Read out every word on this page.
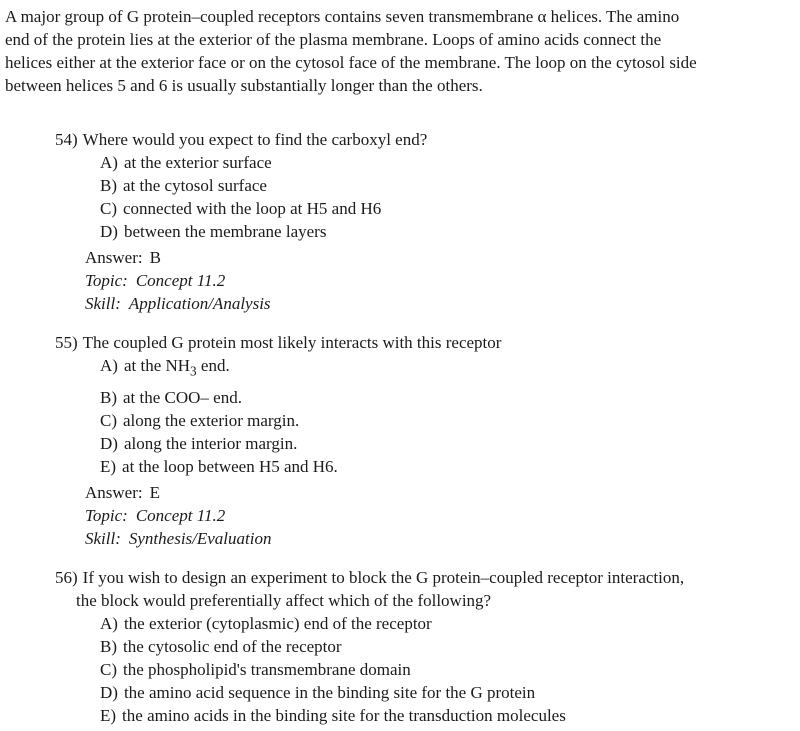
A major group of G protein–coupled receptors contains seven transmembrane α helices. The amino
end of the protein lies at the exterior of the plasma membrane. Loops of amino acids connect the
helices either at the exterior face or on the cytosol face of the membrane. The loop on the cytosol side
between helices 5 and 6 is usually substantially longer than the others.
54) Where would you expect to find the carboxyl end?
A) at the exterior surface
B) at the cytosol surface
C) connected with the loop at H5 and H6
D) between the membrane layers
Answer: B
Topic: Concept 11.2
Skill: Application/Analysis
55) The coupled G protein most likely interacts with this receptor
A) at the $NH_3$ end.
B) at the COO– end.
C) along the exterior margin.
D) along the interior margin.
E) at the loop between H5 and H6.
Answer: E
Topic: Concept 11.2
Skill: Synthesis/Evaluation
56) If you wish to design an experiment to block the G protein–coupled receptor interaction,
the block would preferentially affect which of the following?
A) the exterior (cytoplasmic) end of the receptor
B) the cytosolic end of the receptor
C) the phospholipid's transmembrane domain
D) the amino acid sequence in the binding site for the G protein
E) the amino acids in the binding site for the transduction molecules
